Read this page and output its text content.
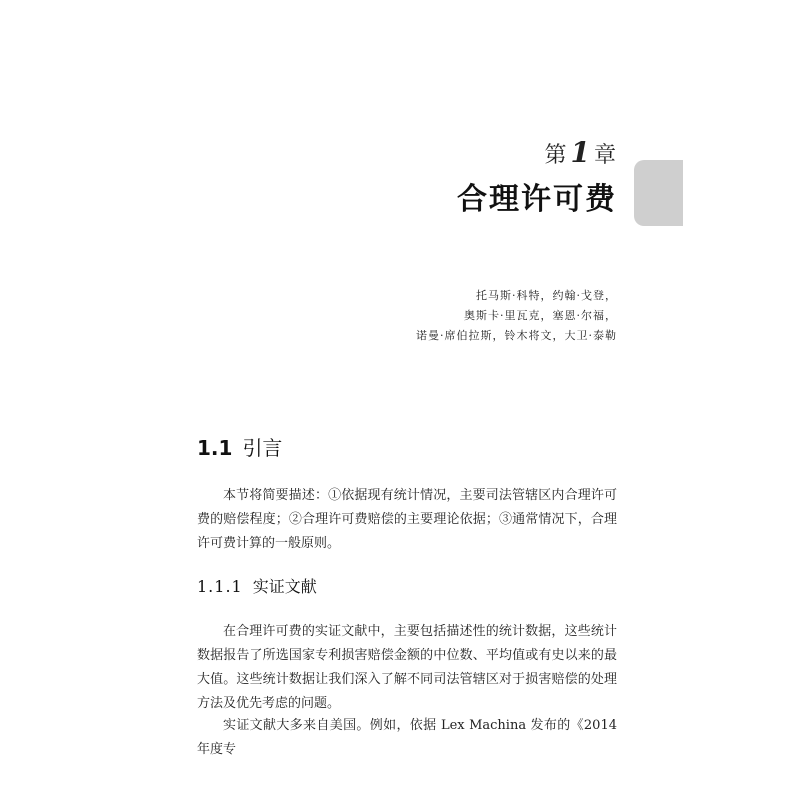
第 1 章
合理许可费
托马斯·科特，约翰·戈登，
奥斯卡·里瓦克，塞恩·尔福，
诺曼·席伯拉斯，铃木将文，大卫·泰勒
1.1 引言

本节将简要描述：①依据现有统计情况，主要司法管辖区内合理许可费的赔偿程度；②合理许可费赔偿的主要理论依据；③通常情况下，合理许可费计算的一般原则。

1.1.1 实证文献

在合理许可费的实证文献中，主要包括描述性的统计数据，这些统计数据报告了所选国家专利损害赔偿金额的中位数、平均值或有史以来的最大值。这些统计数据让我们深入了解不同司法管辖区对于损害赔偿的处理方法及优先考虑的问题。

实证文献大多来自美国。例如，依据 Lex Machina 发布的《2014 年度专
